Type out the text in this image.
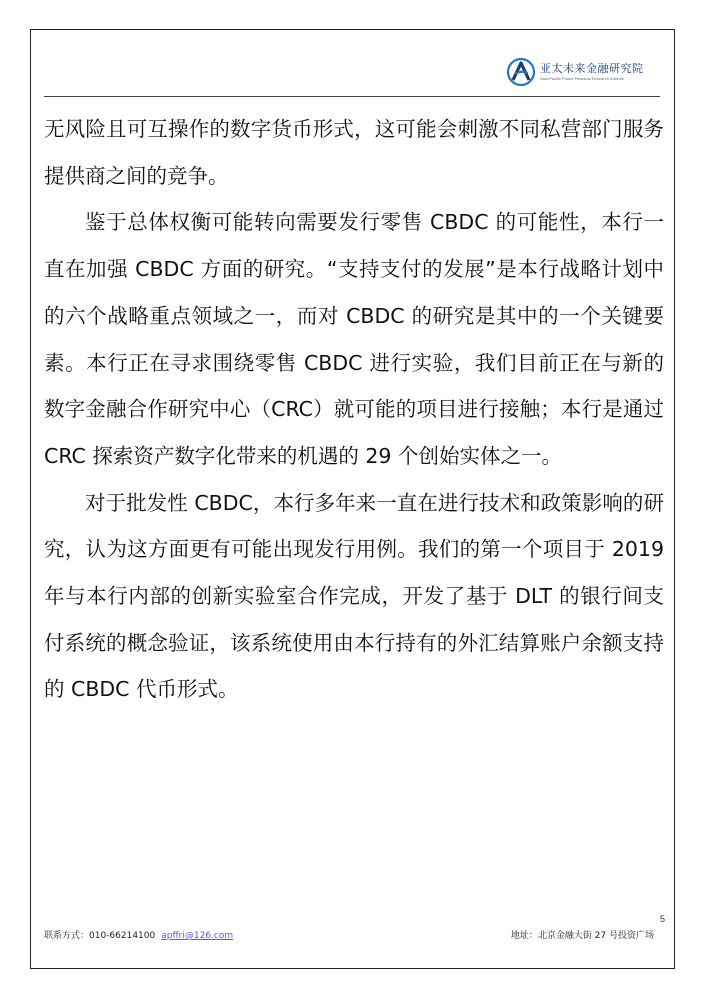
亚太未来金融研究院
Asia-Pacific Future Financial Research Institute

无风险且可互操作的数字货币形式，这可能会刺激不同私营部门服务提供商之间的竞争。

鉴于总体权衡可能转向需要发行零售 CBDC 的可能性，本行一直在加强 CBDC 方面的研究。“支持支付的发展”是本行战略计划中的六个战略重点领域之一，而对 CBDC 的研究是其中的一个关键要素。本行正在寻求围绕零售 CBDC 进行实验，我们目前正在与新的数字金融合作研究中心（CRC）就可能的项目进行接触；本行是通过 CRC 探索资产数字化带来的机遇的 29 个创始实体之一。

对于批发性 CBDC，本行多年来一直在进行技术和政策影响的研究，认为这方面更有可能出现发行用例。我们的第一个项目于 2019 年与本行内部的创新实验室合作完成，开发了基于 DLT 的银行间支付系统的概念验证，该系统使用由本行持有的外汇结算账户余额支持的 CBDC 代币形式。

5
联系方式：010-66214100 apffri@126.com	地址：北京金融大街 27 号投资广场
